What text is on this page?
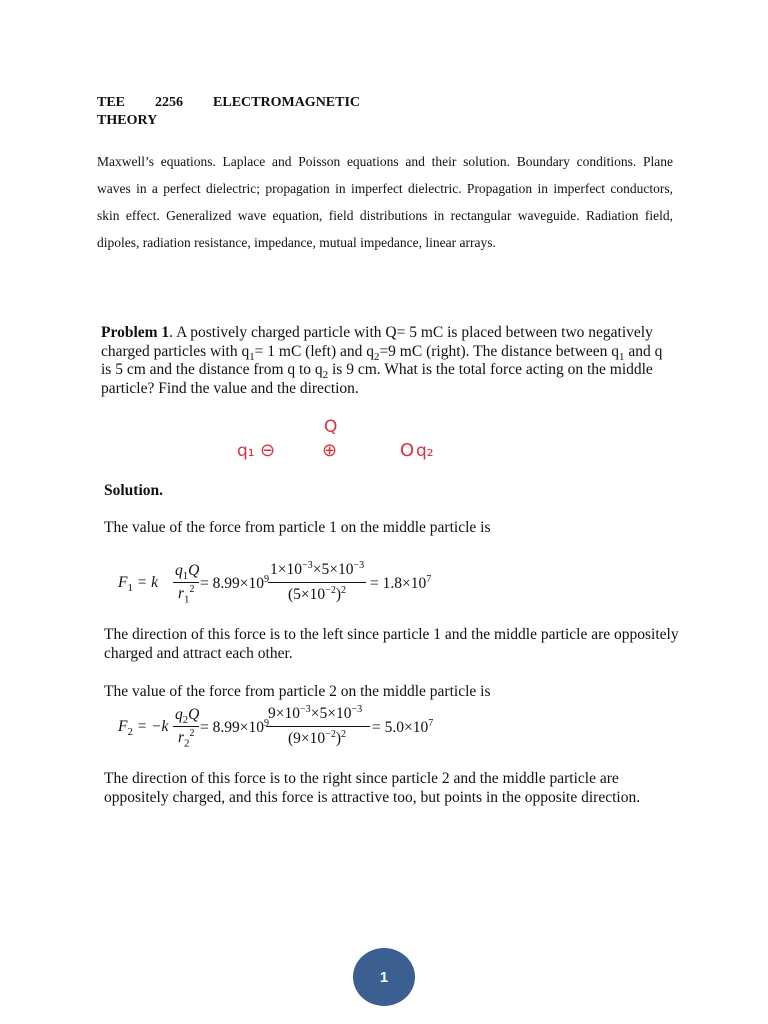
TEE    2256    ELECTROMAGNETIC
THEORY
Maxwell’s equations. Laplace and Poisson equations and their solution. Boundary conditions. Plane waves in a perfect dielectric; propagation in imperfect dielectric. Propagation in imperfect conductors, skin effect. Generalized wave equation, field distributions in rectangular waveguide. Radiation field, dipoles, radiation resistance, impedance, mutual impedance, linear arrays.
Problem 1. A postively charged particle with Q= 5 mC is placed between two negatively charged particles with $q_1= 1$ mC (left) and $q_2=9$ mC (right). The distance between $q_1$ and q is 5 cm and the distance from q to $q_2$ is 9 cm. What is the total force acting on the middle particle? Find the value and the direction.
q₁ ⊖
Q
⊕	O q₂
Solution.
The value of the force from particle 1 on the middle particle is
$F_1 = k$
$q_1Q$
$r_1^2 = 8.99\times 10^9$
$1\times 10^{-3}\times 5\times 10^{-3}$
$(5\times 10^{-2})^2 = 1.8\times 10^7$
The direction of this force is to the left since particle 1 and the middle particle are oppositely charged and attract each other.
The value of the force from particle 2 on the middle particle is
$F_2 = -k$
$q_2Q$
$r_2^2 = 8.99\times 10^9$
$9\times 10^{-3}\times 5\times 10^{-3}$
$(9\times 10^{-2})^2 = 5.0\times 10^7$
The direction of this force is to the right since particle 2 and the middle particle are oppositely charged, and this force is attractive too, but points in the opposite direction.
1
